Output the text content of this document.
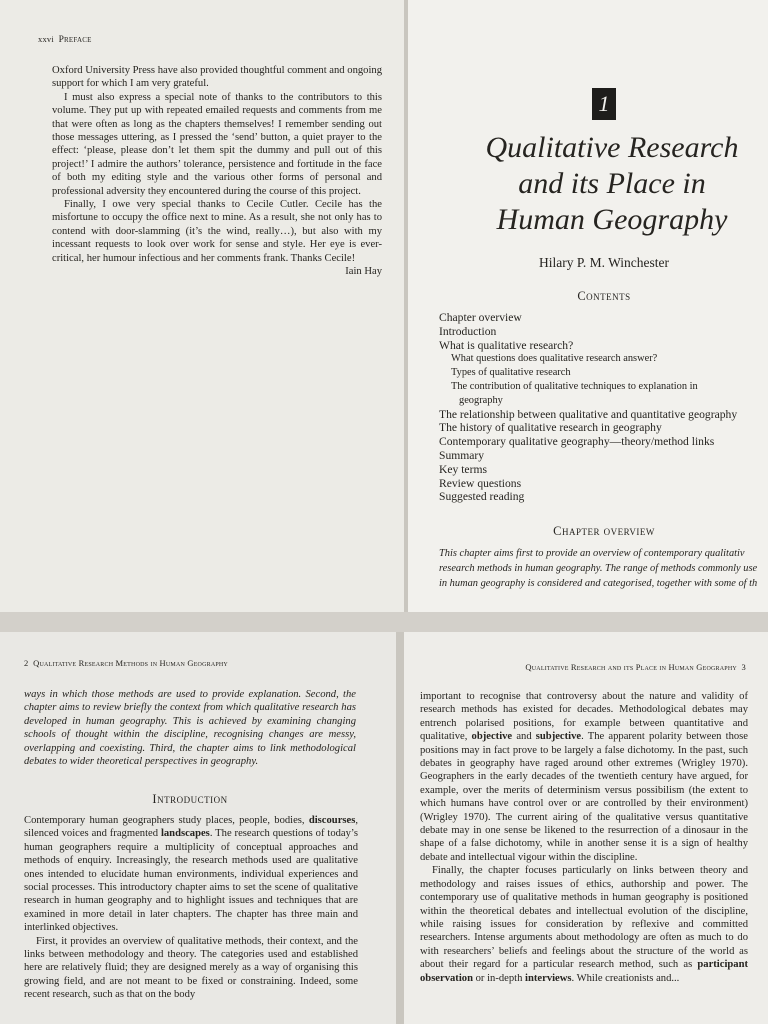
xxvi Preface

Oxford University Press have also provided thoughtful comment and ongoing support for which I am very grateful.

I must also express a special note of thanks to the contributors to this volume. They put up with repeated emailed requests and comments from me that were often as long as the chapters themselves! I remember sending out those messages uttering, as I pressed the ‘send’ button, a quiet prayer to the effect: ‘please, please don’t let them spit the dummy and pull out of this project!’ I admire the authors’ tolerance, persistence and fortitude in the face of both my editing style and the various other forms of personal and professional adversity they encountered during the course of this project.

Finally, I owe very special thanks to Cecile Cutler. Cecile has the misfortune to occupy the office next to mine. As a result, she not only has to contend with door-slamming (it’s the wind, really…), but also with my incessant requests to look over work for sense and style. Her eye is ever-critical, her humour infectious and her comments frank. Thanks Cecile!

Iain Hay

1
Qualitative Research
and its Place in
Human Geography
Hilary P. M. Winchester
Contents
Chapter overview
Introduction
What is qualitative research?
What questions does qualitative research answer?
Types of qualitative research
The contribution of qualitative techniques to explanation in
geography
The relationship between qualitative and quantitative geography
The history of qualitative research in geography
Contemporary qualitative geography—theory/method links
Summary
Key terms
Review questions
Suggested reading
Chapter overview
This chapter aims first to provide an overview of contemporary qualitativ
research methods in human geography. The range of methods commonly use
in human geography is considered and categorised, together with some of th
2 Qualitative Research Methods in Human Geography
ways in which those methods are used to provide explanation. Second, the chapter aims to review briefly the context from which qualitative research has developed in human geography. This is achieved by examining changing schools of thought within the discipline, recognising changes are messy, overlapping and coexisting. Third, the chapter aims to link methodological debates to wider theoretical perspectives in geography.
Introduction

Contemporary human geographers study places, people, bodies, discourses, silenced voices and fragmented landscapes. The research questions of today’s human geographers require a multiplicity of conceptual approaches and methods of enquiry. Increasingly, the research methods used are qualitative ones intended to elucidate human environments, individual experiences and social processes. This introductory chapter aims to set the scene of qualitative research in human geography and to highlight issues and techniques that are examined in more detail in later chapters. The chapter has three main and interlinked objectives.

First, it provides an overview of qualitative methods, their context, and the links between methodology and theory. The categories used and established here are relatively fluid; they are designed merely as a way of organising this growing field, and are not meant to be fixed or constraining. Indeed, some recent research, such as that on the body

Qualitative Research and its Place in Human Geography 3

important to recognise that controversy about the nature and validity of research methods has existed for decades. Methodological debates may entrench polarised positions, for example between quantitative and qualitative, objective and subjective. The apparent polarity between those positions may in fact prove to be largely a false dichotomy. In the past, such debates in geography have raged around other extremes (Wrigley 1970). Geographers in the early decades of the twentieth century have argued, for example, over the merits of determinism versus possibilism (the extent to which humans have control over or are controlled by their environment) (Wrigley 1970). The current airing of the qualitative versus quantitative debate may in one sense be likened to the resurrection of a dinosaur in the shape of a false dichotomy, while in another sense it is a sign of healthy debate and intellectual vigour within the discipline.

Finally, the chapter focuses particularly on links between theory and methodology and raises issues of ethics, authorship and power. The contemporary use of qualitative methods in human geography is positioned within the theoretical debates and intellectual evolution of the discipline, while raising issues for consideration by reflexive and committed researchers. Intense arguments about methodology are often as much to do with researchers’ beliefs and feelings about the structure of the world as about their regard for a particular research method, such as participant observation or in-depth interviews. While creationists and...
